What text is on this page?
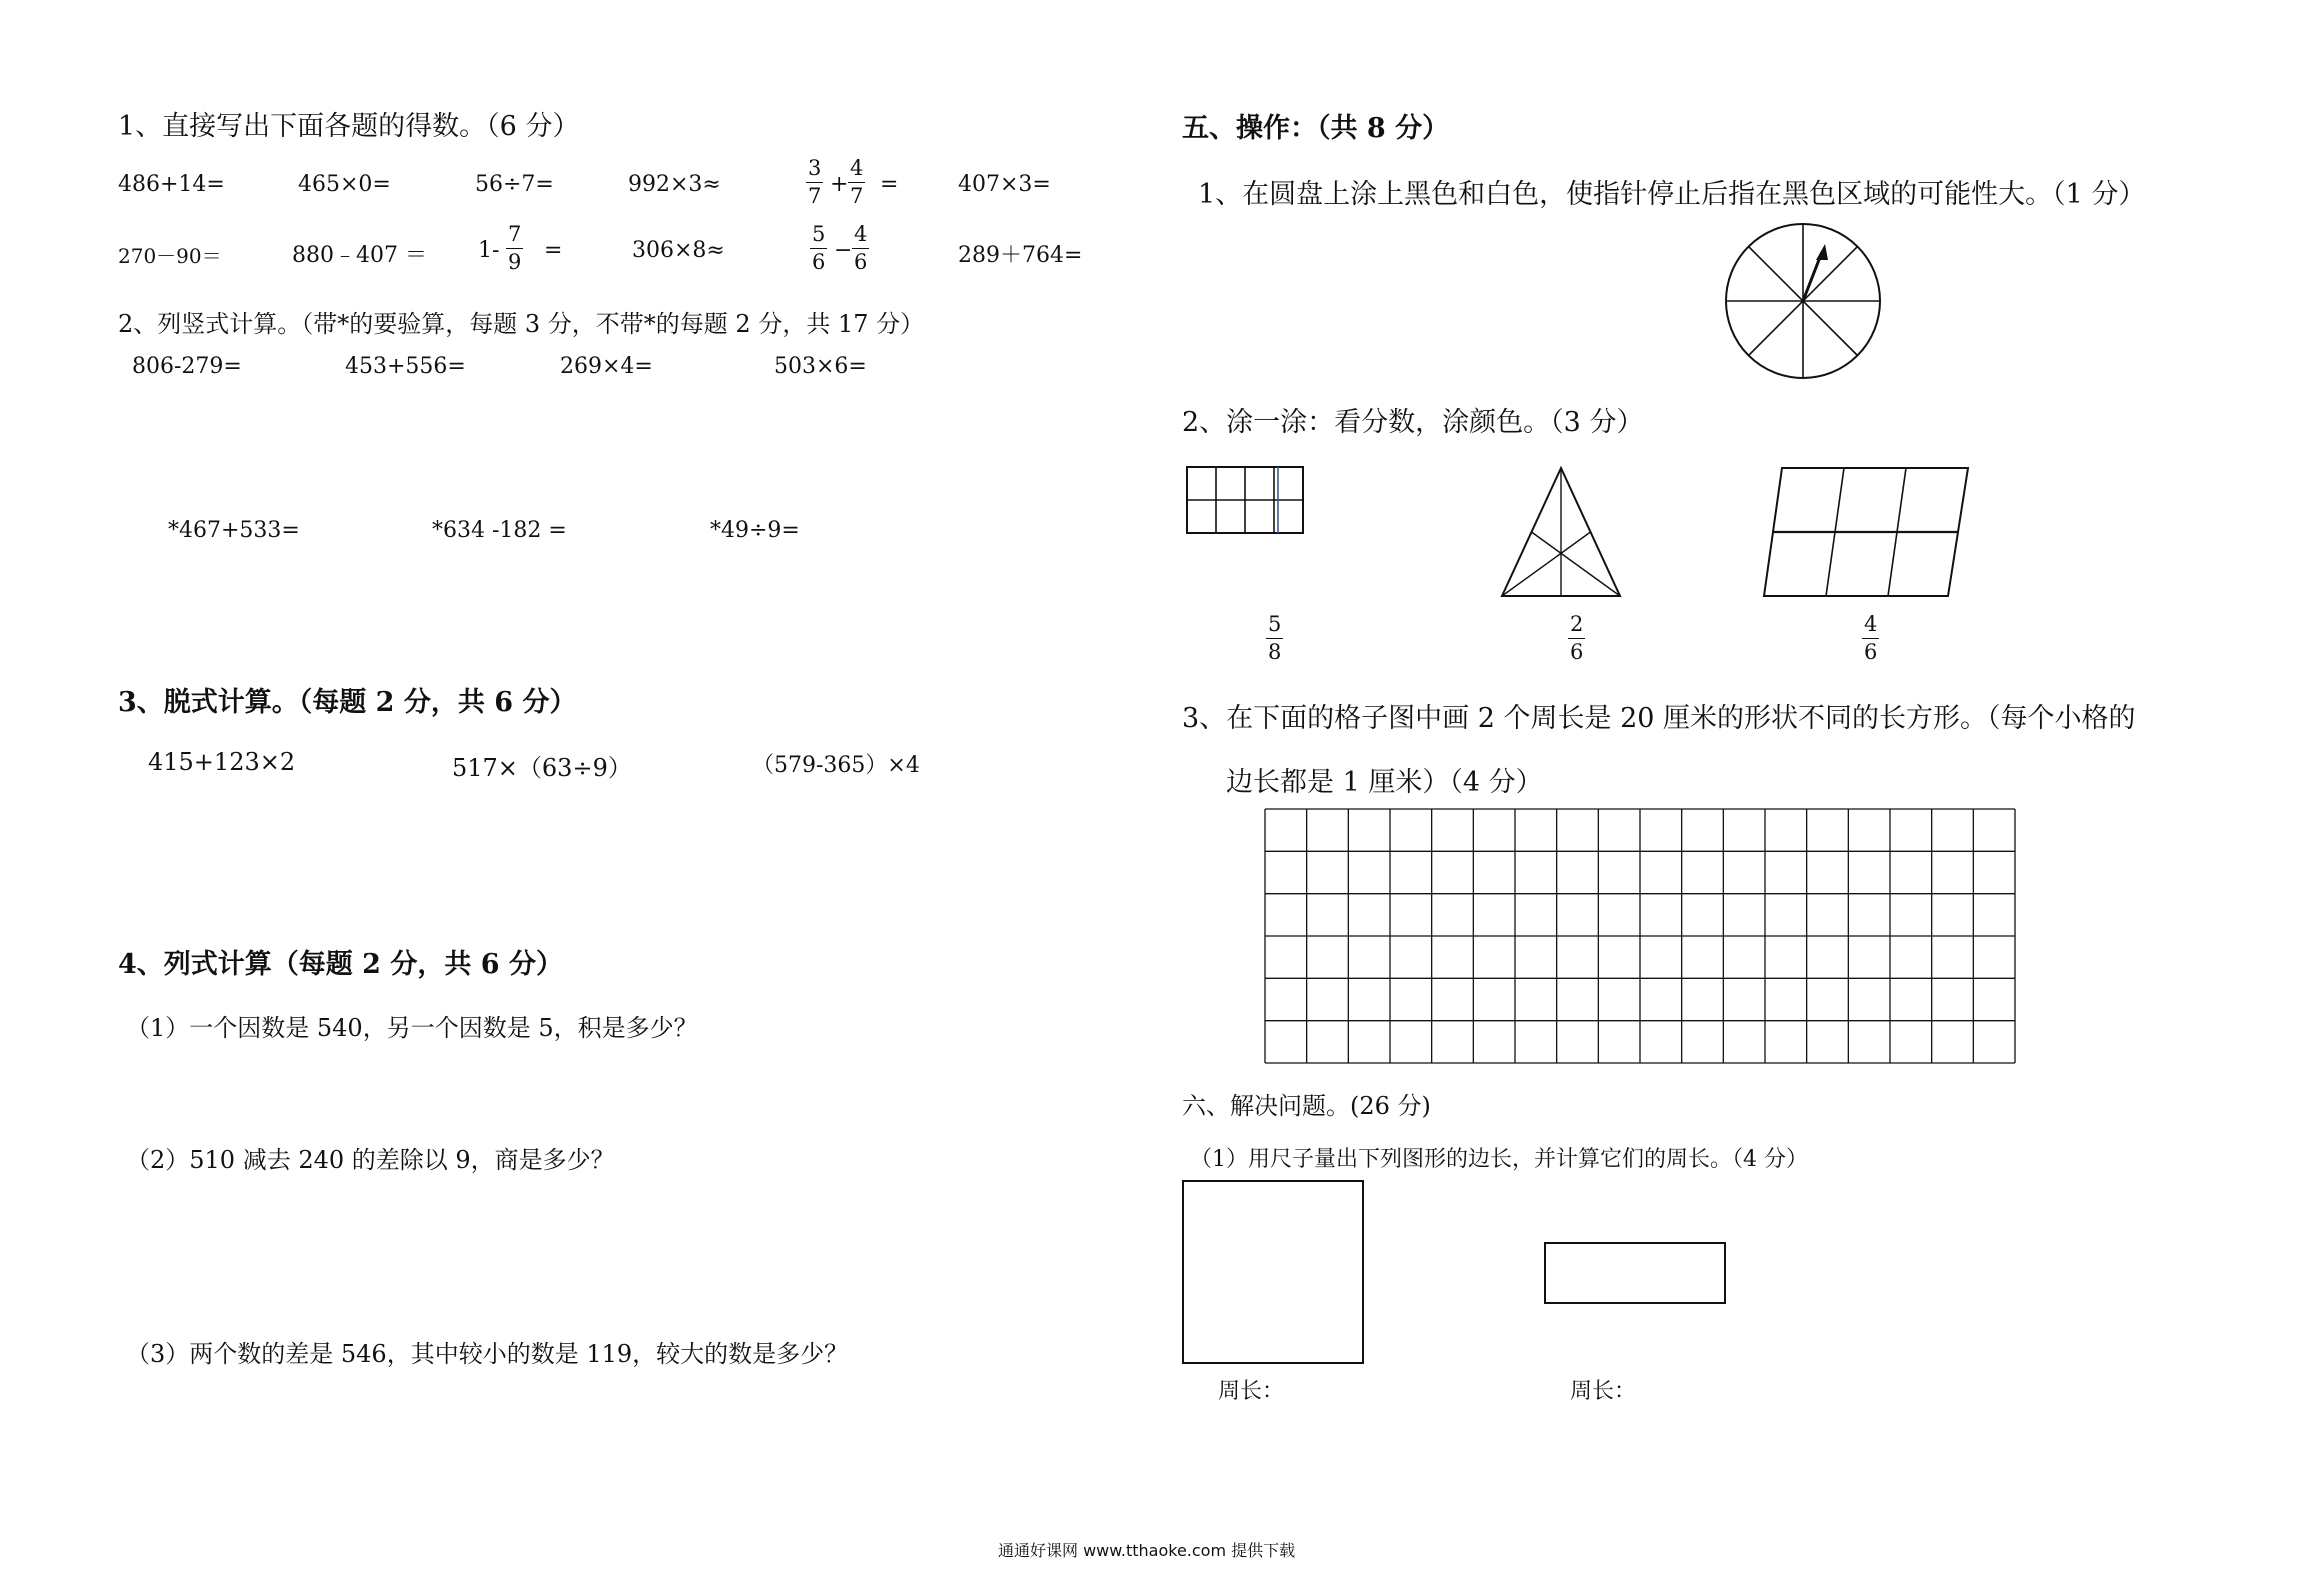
1、直接写出下面各题的得数。（6 分）
486+14=	465×0=	56÷7=	992×3≈	$\frac{3}{7} + \frac{4}{7}$ =	407×3=
270－90＝	880﹣407 ＝ $1- \frac{7}{9}$ =	306×8≈	$\frac{5}{6} - \frac{4}{6}$	289＋764=
2、列竖式计算。（带*的要验算，每题 3 分，不带*的每题 2 分，共 17 分）
806-279=	453+556=	269×4=	503×6=
*467+533=	*634 -182 =	*49÷9=
3、脱式计算。（每题 2 分，共 6 分）
415+123×2	517×（63÷9）	（579-365）×4
4、列式计算（每题 2 分，共 6 分）
（1）一个因数是 540，另一个因数是 5，积是多少？
（2）510 减去 240 的差除以 9，商是多少？
（3）两个数的差是 546，其中较小的数是 119，较大的数是多少？
五、操作：（共 8 分）
1、在圆盘上涂上黑色和白色，使指针停止后指在黑色区域的可能性大。（1 分）
2、涂一涂：看分数，涂颜色。（3 分）
$\frac{5}{8}$	$\frac{2}{6}$	$\frac{4}{6}$
3、在下面的格子图中画 2 个周长是 20 厘米的形状不同的长方形。（每个小格的
边长都是 1 厘米）（4 分）
六、解决问题。(26 分)
（1）用尺子量出下列图形的边长，并计算它们的周长。（4 分）
周长：	周长：
通通好课网 www.tthaoke.com 提供下载
